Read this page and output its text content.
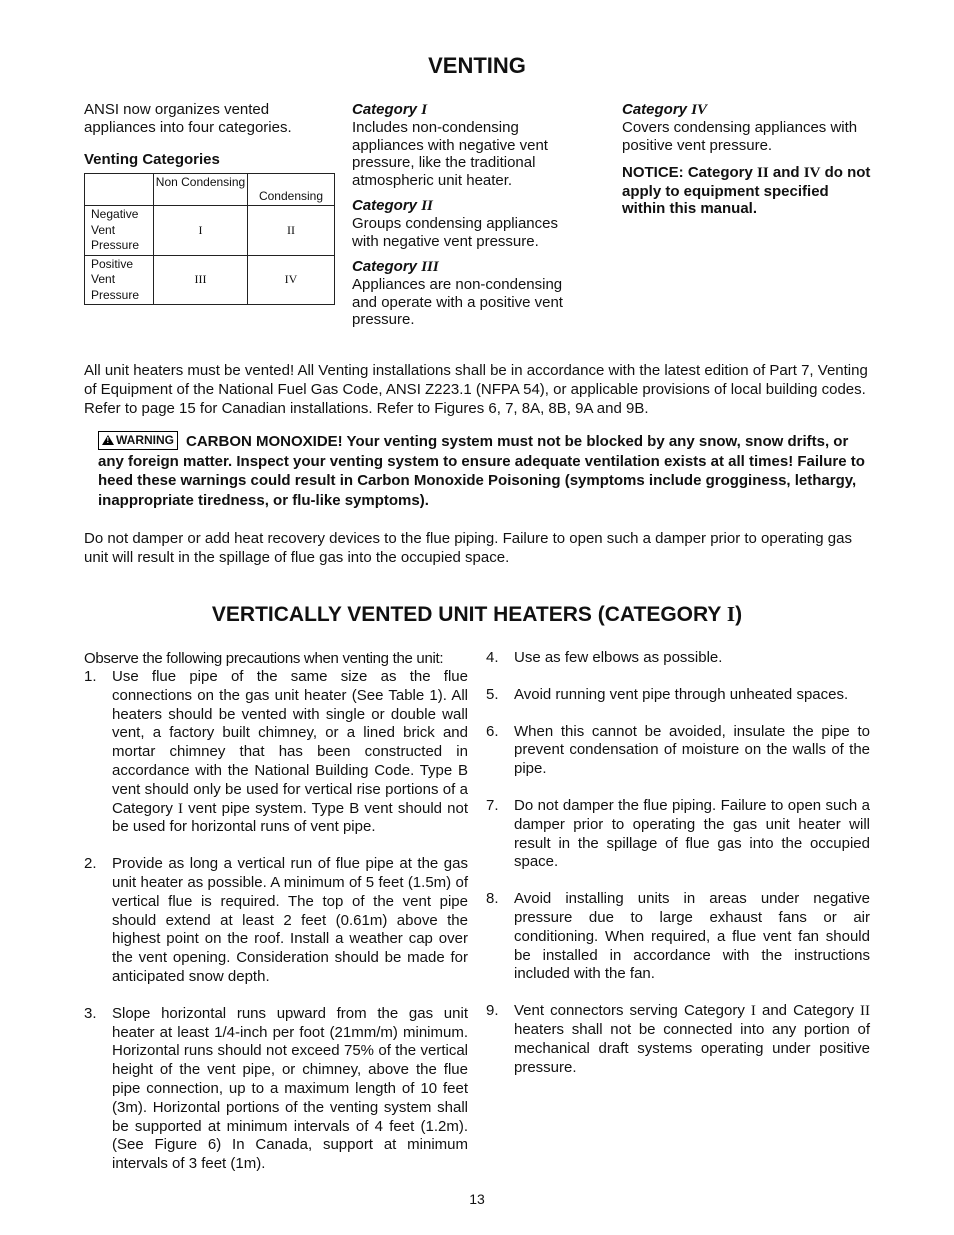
VENTING

ANSI now organizes vented appliances into four categories.

Venting Categories
	Non Condensing	Condensing
Negative Vent Pressure	I	II
Positive Vent Pressure	III	IV
Category I

Includes non-condensing appliances with negative vent pressure, like the traditional atmospheric unit heater.

Category II

Groups condensing appliances with negative vent pressure.

Category III

Appliances are non-condensing and operate with a positive vent pressure.

Category IV

Covers condensing appliances with positive vent pressure.

NOTICE: Category II and IV do not apply to equipment specified within this manual.

All unit heaters must be vented! All Venting installations shall be in accordance with the latest edition of Part 7, Venting of Equipment of the National Fuel Gas Code, ANSI Z223.1 (NFPA 54), or applicable provisions of local building codes. Refer to page 15 for Canadian installations. Refer to Figures 6, 7, 8A, 8B, 9A and 9B.

!WARNING CARBON MONOXIDE! Your venting system must not be blocked by any snow, snow drifts, or any foreign matter. Inspect your venting system to ensure adequate ventilation exists at all times! Failure to heed these warnings could result in Carbon Monoxide Poisoning (symptoms include grogginess, lethargy, inappropriate tiredness, or flu-like symptoms).

Do not damper or add heat recovery devices to the flue piping. Failure to open such a damper prior to operating gas unit will result in the spillage of flue gas into the occupied space.

VERTICALLY VENTED UNIT HEATERS (CATEGORY I)

Observe the following precautions when venting the unit:

1. Use flue pipe of the same size as the flue connections on the gas unit heater (See Table 1). All heaters should be vented with single or double wall vent, a factory built chimney, or a lined brick and mortar chimney that has been constructed in accordance with the National Building Code. Type B vent should only be used for vertical rise portions of a Category I vent pipe system. Type B vent should not be used for horizontal runs of vent pipe.
2. Provide as long a vertical run of flue pipe at the gas unit heater as possible. A minimum of 5 feet (1.5m) of vertical flue is required. The top of the vent pipe should extend at least 2 feet (0.61m) above the highest point on the roof. Install a weather cap over the vent opening. Consideration should be made for anticipated snow depth.
3. Slope horizontal runs upward from the gas unit heater at least 1/4-inch per foot (21mm/m) minimum. Horizontal runs should not exceed 75% of the vertical height of the vent pipe, or chimney, above the flue pipe connection, up to a maximum length of 10 feet (3m). Horizontal portions of the venting system shall be supported at minimum intervals of 4 feet (1.2m). (See Figure 6) In Canada, support at minimum intervals of 3 feet (1m).
4. Use as few elbows as possible.
5. Avoid running vent pipe through unheated spaces.
6. When this cannot be avoided, insulate the pipe to prevent condensation of moisture on the walls of the pipe.
7. Do not damper the flue piping. Failure to open such a damper prior to operating the gas unit heater will result in the spillage of flue gas into the occupied space.
8. Avoid installing units in areas under negative pressure due to large exhaust fans or air conditioning. When required, a flue vent fan should be installed in accordance with the instructions included with the fan.
9. Vent connectors serving Category I and Category II heaters shall not be connected into any portion of mechanical draft systems operating under positive pressure.
13
